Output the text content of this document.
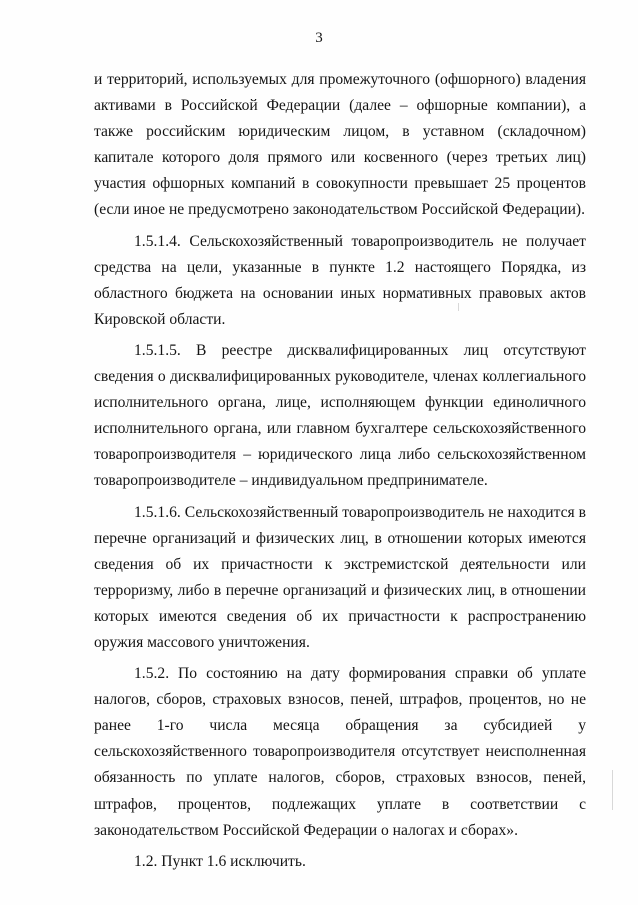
3

и территорий, используемых для промежуточного (офшорного) владения активами в Российской Федерации (далее – офшорные компании), а также российским юридическим лицом, в уставном (складочном) капитале которого доля прямого или косвенного (через третьих лиц) участия офшорных компаний в совокупности превышает 25 процентов (если иное не предусмотрено законодательством Российской Федерации).

1.5.1.4. Сельскохозяйственный товаропроизводитель не получает средства на цели, указанные в пункте 1.2 настоящего Порядка, из областного бюджета на основании иных нормативных правовых актов Кировской области.

1.5.1.5. В реестре дисквалифицированных лиц отсутствуют сведения о дисквалифицированных руководителе, членах коллегиального исполнительного органа, лице, исполняющем функции единоличного исполнительного органа, или главном бухгалтере сельскохозяйственного товаропроизводителя – юридического лица либо сельскохозяйственном товаропроизводителе – индивидуальном предпринимателе.

1.5.1.6. Сельскохозяйственный товаропроизводитель не находится в перечне организаций и физических лиц, в отношении которых имеются сведения об их причастности к экстремистской деятельности или терроризму, либо в перечне организаций и физических лиц, в отношении которых имеются сведения об их причастности к распространению оружия массового уничтожения.

1.5.2. По состоянию на дату формирования справки об уплате налогов, сборов, страховых взносов, пеней, штрафов, процентов, но не ранее 1-го числа месяца обращения за субсидией у сельскохозяйственного товаропроизводителя отсутствует неисполненная обязанность по уплате налогов, сборов, страховых взносов, пеней, штрафов, процентов, подлежащих уплате в соответствии с законодательством Российской Федерации о налогах и сборах».

1.2. Пункт 1.6 исключить.
